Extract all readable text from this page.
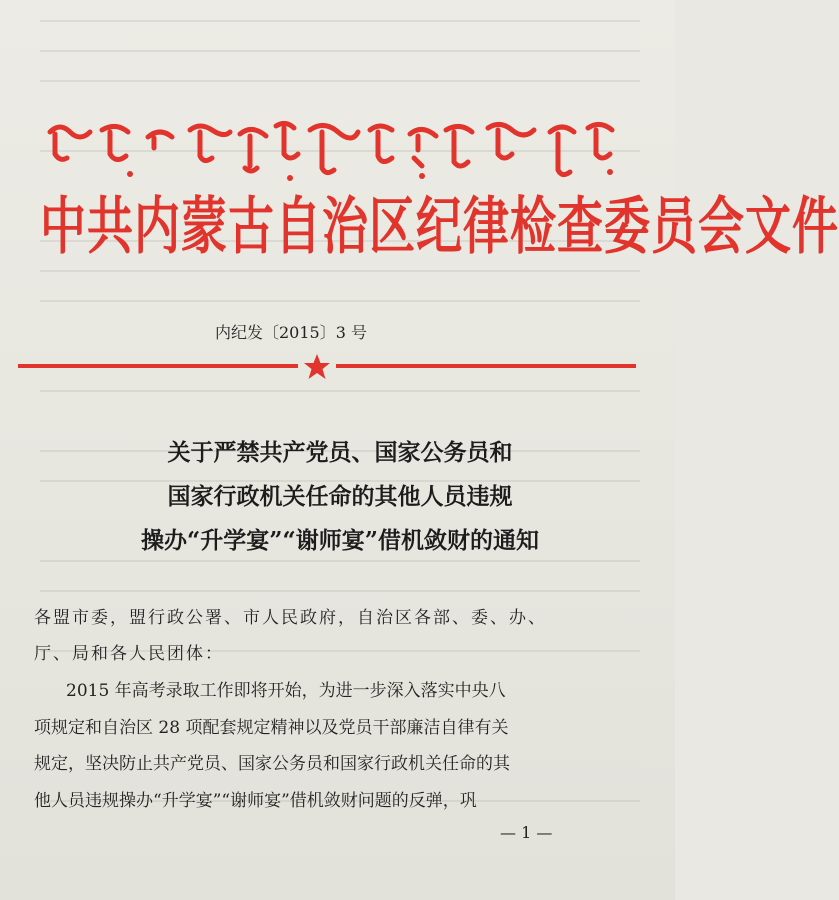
中共内蒙古自治区纪律检查委员会文件
内纪发〔2015〕3 号
关于严禁共产党员、国家公务员和
国家行政机关任命的其他人员违规
操办“升学宴”“谢师宴”借机敛财的通知
各盟市委，盟行政公署、市人民政府，自治区各部、委、办、
厅、局和各人民团体：
2015 年高考录取工作即将开始，为进一步深入落实中央八
项规定和自治区 28 项配套规定精神以及党员干部廉洁自律有关
规定，坚决防止共产党员、国家公务员和国家行政机关任命的其
他人员违规操办“升学宴”“谢师宴”借机敛财问题的反弹，巩
— 1 —
